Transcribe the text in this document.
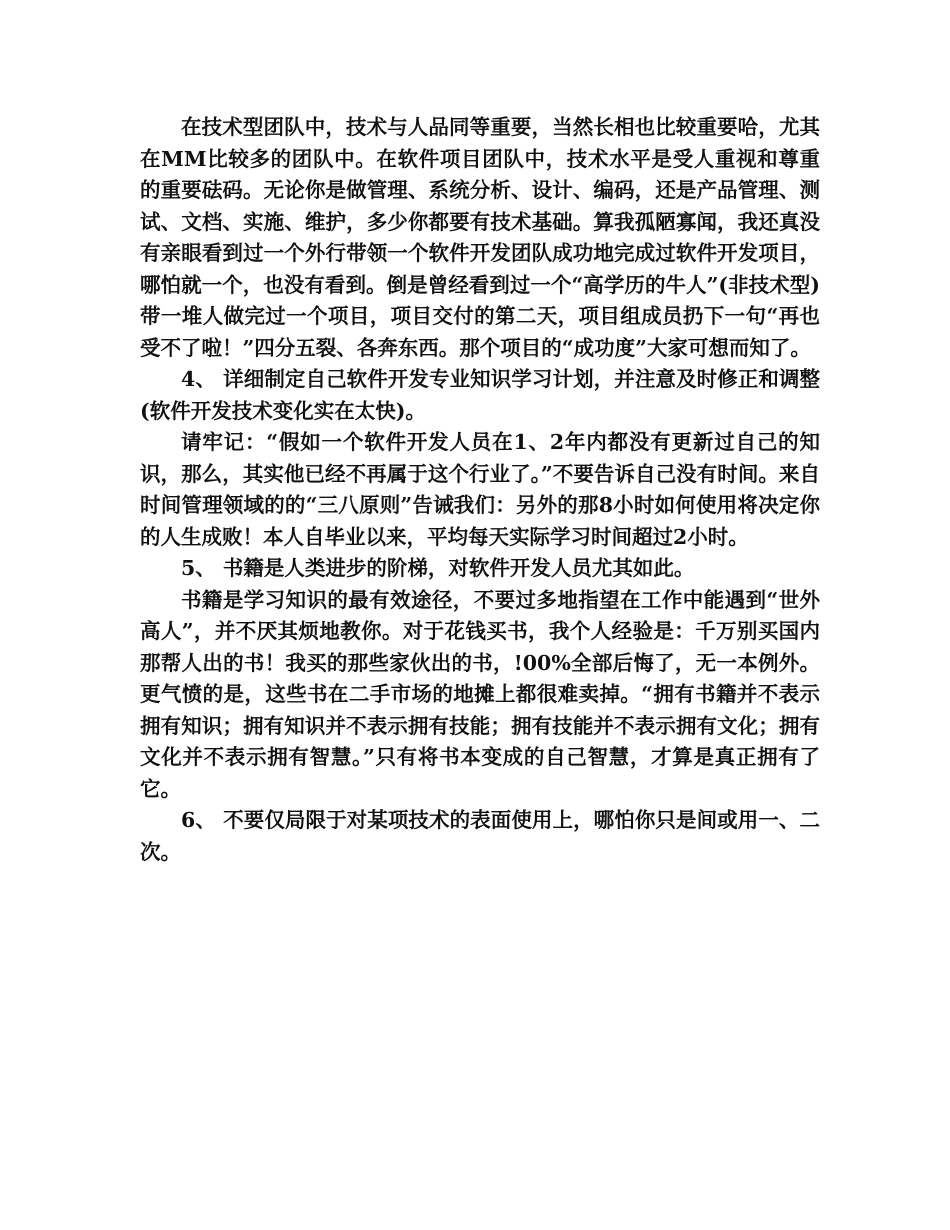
在技术型团队中，技术与人品同等重要，当然长相也比较重要哈，尤其在MM比较多的团队中。在软件项目团队中，技术水平是受人重视和尊重的重要砝码。无论你是做管理、系统分析、设计、编码，还是产品管理、测试、文档、实施、维护，多少你都要有技术基础。算我孤陋寡闻，我还真没有亲眼看到过一个外行带领一个软件开发团队成功地完成过软件开发项目，哪怕就一个，也没有看到。倒是曾经看到过一个“高学历的牛人”(非技术型)带一堆人做完过一个项目，项目交付的第二天，项目组成员扔下一句“再也受不了啦！”四分五裂、各奔东西。那个项目的“成功度”大家可想而知了。

4、 详细制定自己软件开发专业知识学习计划，并注意及时修正和调整(软件开发技术变化实在太快)。

请牢记：“假如一个软件开发人员在1、2年内都没有更新过自己的知识，那么，其实他已经不再属于这个行业了。”不要告诉自己没有时间。来自时间管理领域的的“三八原则”告诫我们：另外的那8小时如何使用将决定你的人生成败！本人自毕业以来，平均每天实际学习时间超过2小时。

5、 书籍是人类进步的阶梯，对软件开发人员尤其如此。

书籍是学习知识的最有效途径，不要过多地指望在工作中能遇到“世外高人”，并不厌其烦地教你。对于花钱买书，我个人经验是：千万别买国内那帮人出的书！我买的那些家伙出的书，!00%全部后悔了，无一本例外。更气愤的是，这些书在二手市场的地摊上都很难卖掉。“拥有书籍并不表示拥有知识；拥有知识并不表示拥有技能；拥有技能并不表示拥有文化；拥有文化并不表示拥有智慧。”只有将书本变成的自己智慧，才算是真正拥有了它。

6、 不要仅局限于对某项技术的表面使用上，哪怕你只是间或用一、二次。
